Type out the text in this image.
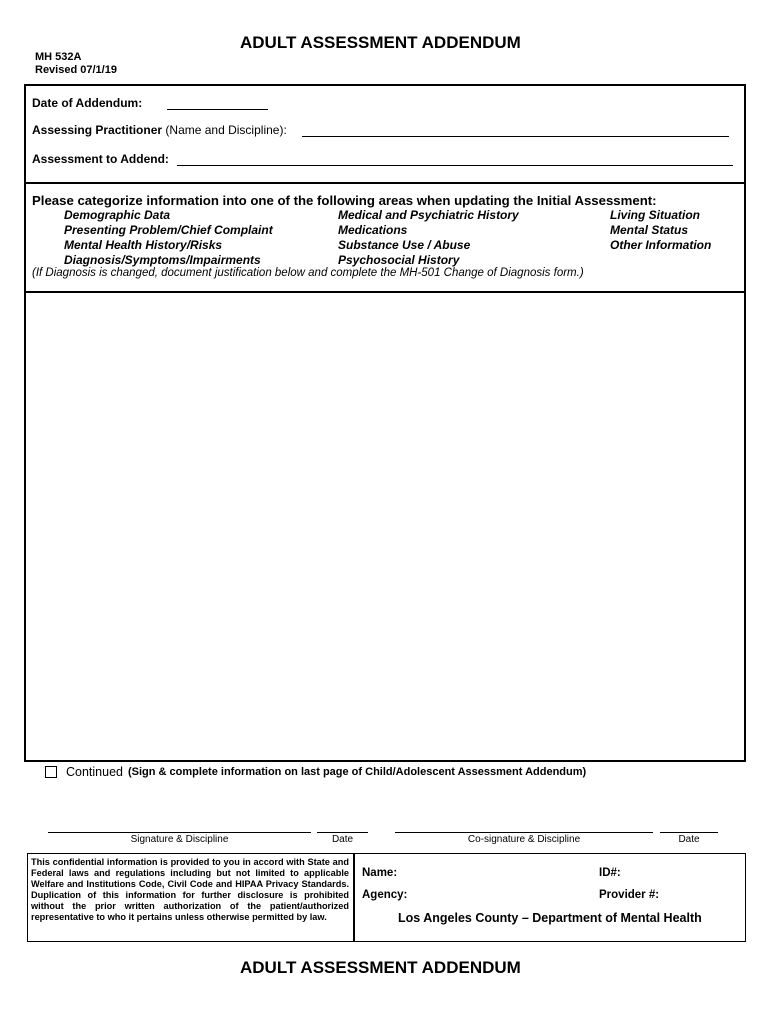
ADULT ASSESSMENT ADDENDUM
MH 532A
Revised 07/1/19
Date of Addendum:
Assessing Practitioner (Name and Discipline):
Assessment to Addend:
Please categorize information into one of the following areas when updating the Initial Assessment:
Demographic Data
Presenting Problem/Chief Complaint
Mental Health History/Risks
Diagnosis/Symptoms/Impairments
Medical and Psychiatric History
Medications
Substance Use / Abuse
Psychosocial History
Living Situation
Mental Status
Other Information
(If Diagnosis is changed, document justification below and complete the MH-501 Change of Diagnosis form.)
Continued (Sign & complete information on last page of Child/Adolescent Assessment Addendum)
Signature & Discipline	Date	Co-signature & Discipline	Date
This confidential information is provided to you in accord with State and Federal laws and regulations including but not limited to applicable Welfare and Institutions Code, Civil Code and HIPAA Privacy Standards. Duplication of this information for further disclosure is prohibited without the prior written authorization of the patient/authorized representative to who it pertains unless otherwise permitted by law.
Name:	ID#:
Agency:	Provider #:
Los Angeles County – Department of Mental Health
ADULT ASSESSMENT ADDENDUM
